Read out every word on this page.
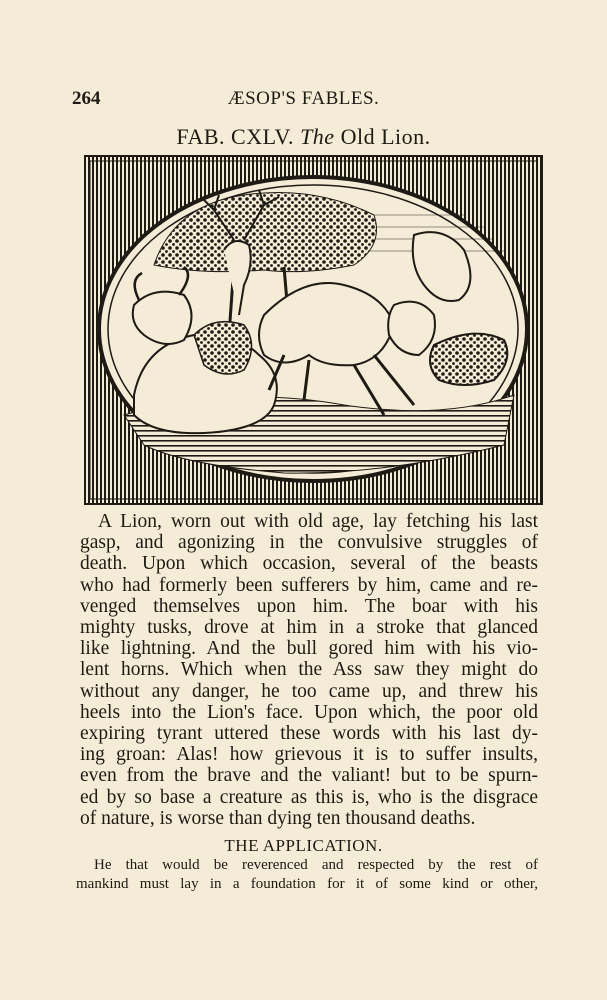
264	ÆSOP'S FABLES.
FAB. CXLV. The Old Lion.
A Lion, worn out with old age, lay fetching his last
gasp, and agonizing in the convulsive struggles of
death. Upon which occasion, several of the beasts
who had formerly been sufferers by him, came and re-
venged themselves upon him. The boar with his
mighty tusks, drove at him in a stroke that glanced
like lightning. And the bull gored him with his vio-
lent horns. Which when the Ass saw they might do
without any danger, he too came up, and threw his
heels into the Lion's face. Upon which, the poor old
expiring tyrant uttered these words with his last dy-
ing groan: Alas! how grievous it is to suffer insults,
even from the brave and the valiant! but to be spurn-
ed by so base a creature as this is, who is the disgrace
of nature, is worse than dying ten thousand deaths.
THE APPLICATION.
He that would be reverenced and respected by the rest of
mankind must lay in a foundation for it of some kind or other,
